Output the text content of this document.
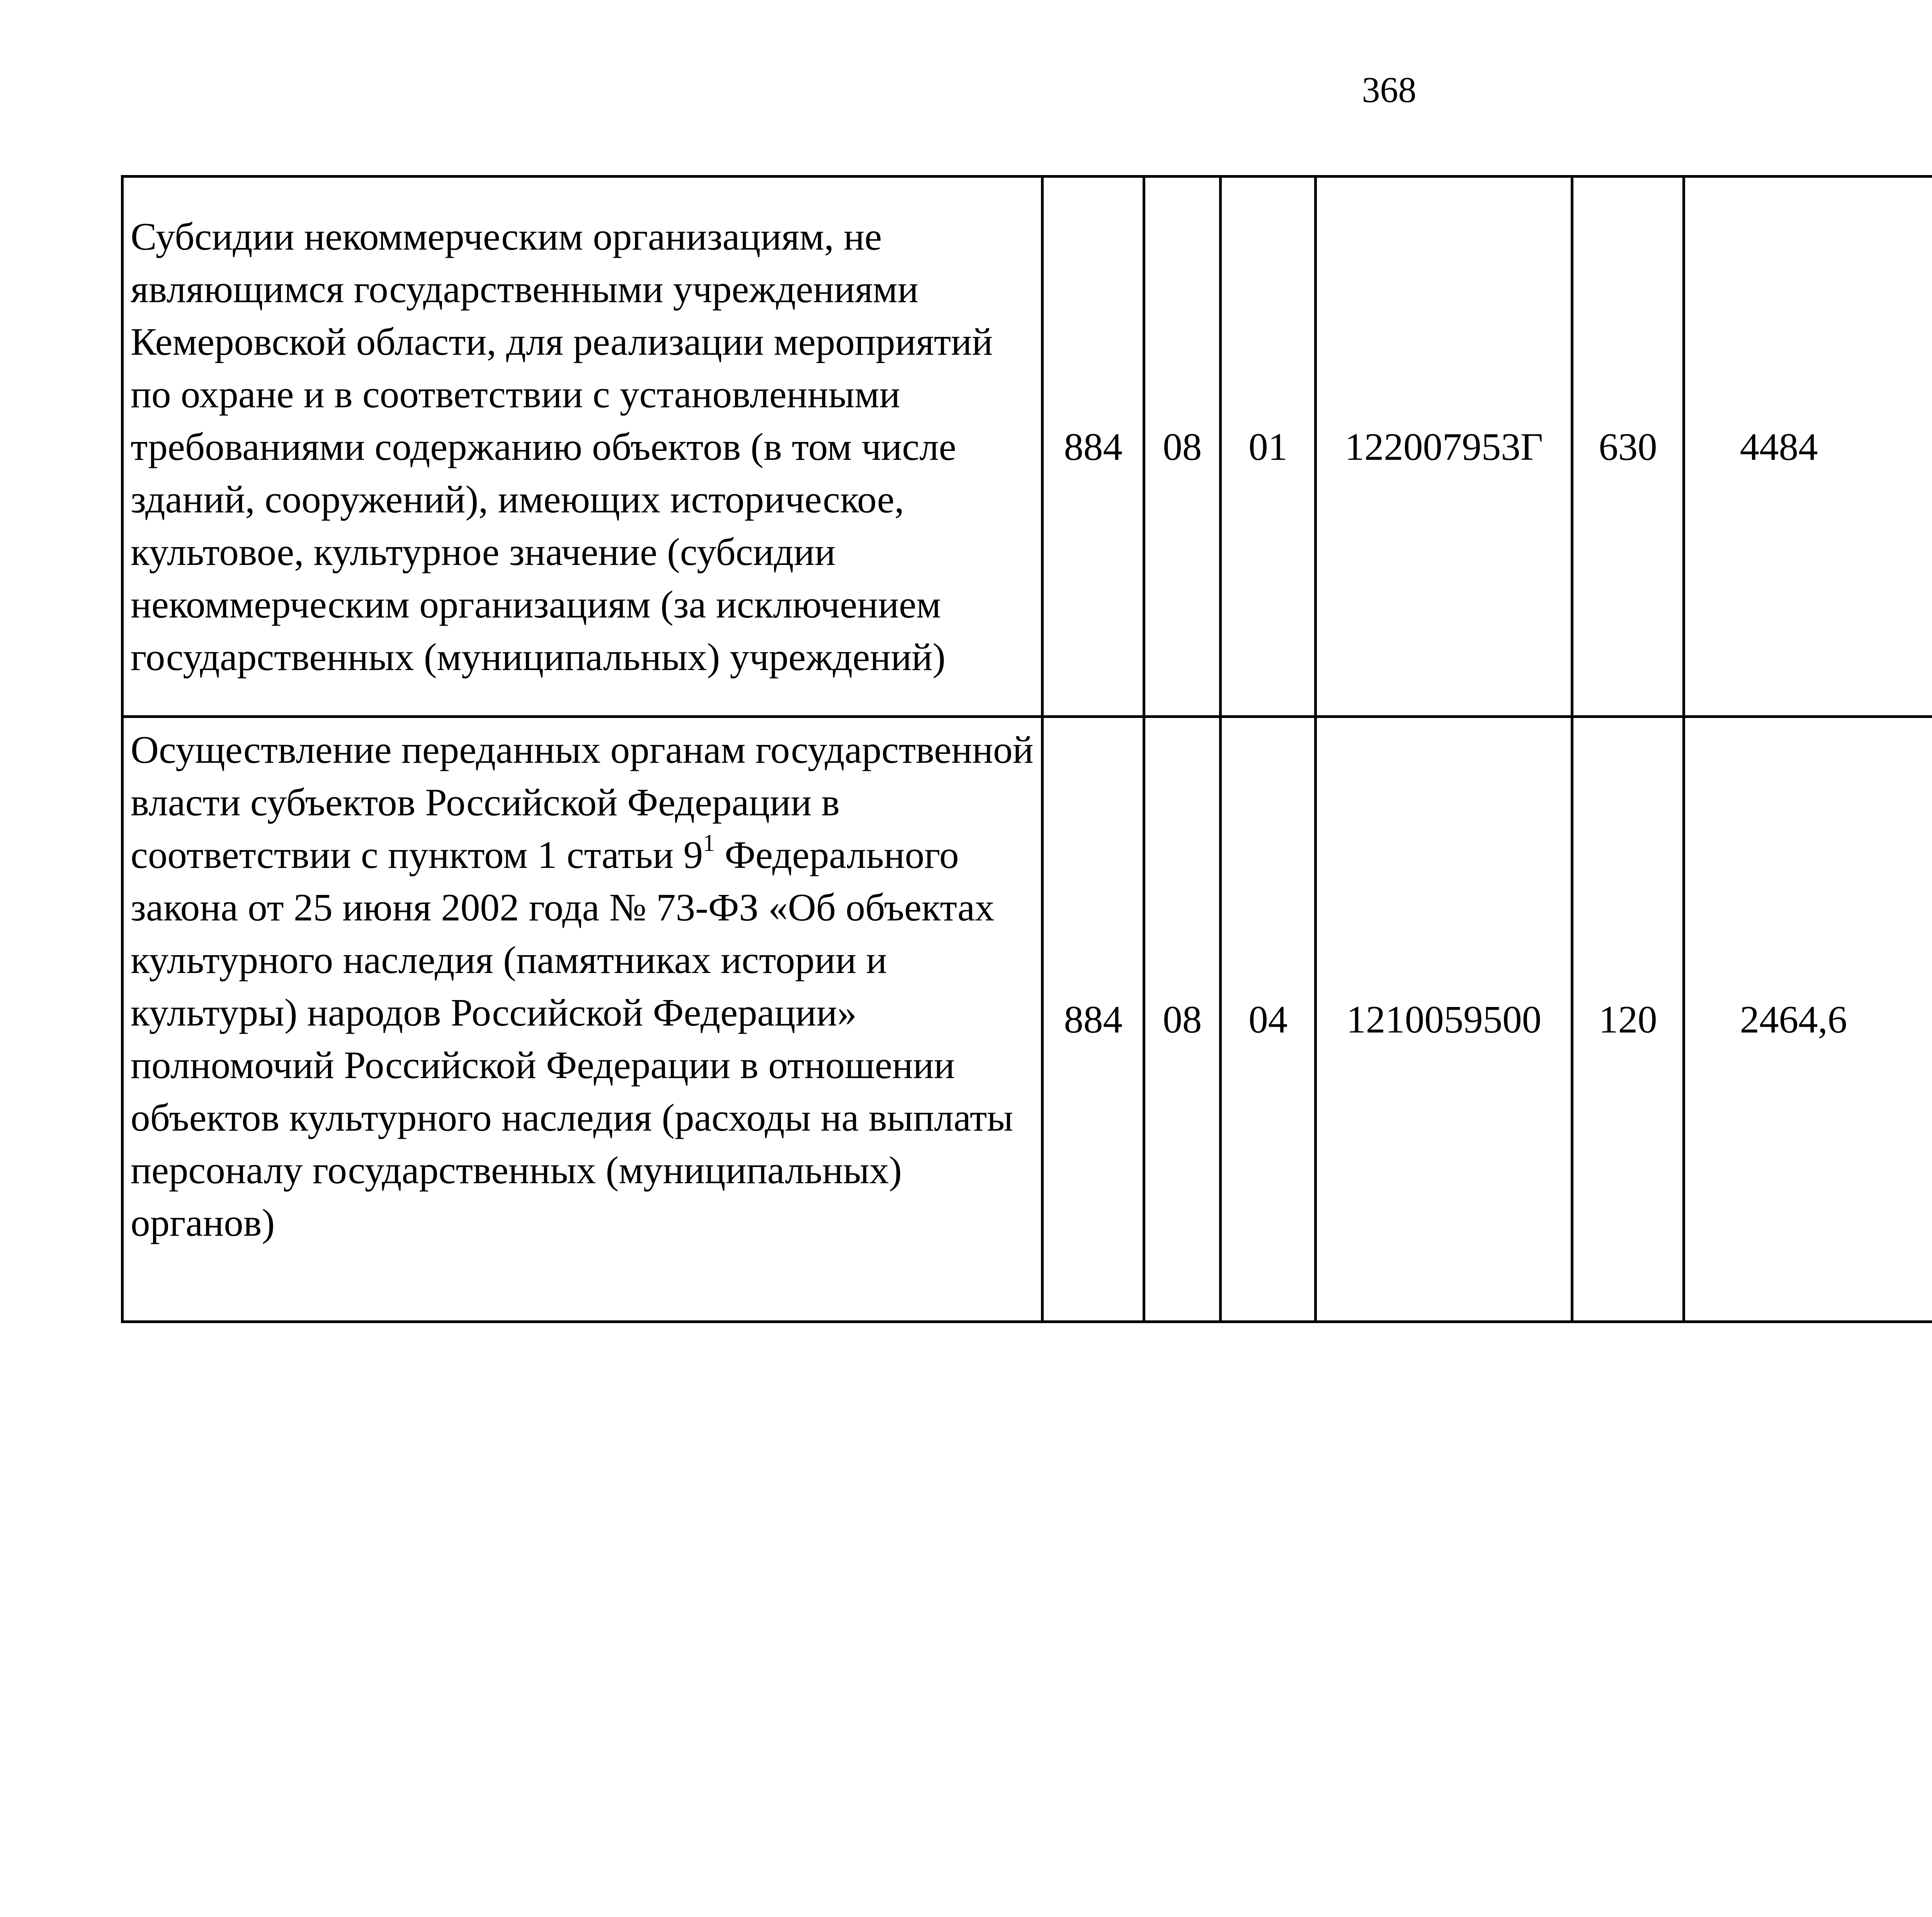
368
Субсидии некоммерческим организациям, не являющимся государственными учреждениями Кемеровской области, для реализации мероприятий по охране и в соответствии с установленными требованиями содержанию объектов (в том числе зданий, сооружений), имеющих историческое, культовое, культурное значение (субсидии некоммерческим организациям (за исключением государственных (муниципальных) учреждений)	884	08	01	122007953Г	630	4484		
Осуществление переданных органам государственной власти субъектов Российской Федерации в соответствии с пунктом 1 статьи $9^1$ Федерального закона от 25 июня 2002 года № 73-ФЗ «Об объектах культурного наследия (памятниках истории и культуры) народов Российской Федерации» полномочий Российской Федерации в отношении объектов культурного наследия (расходы на выплаты персоналу государственных (муниципальных) органов)	884	08	04	1210059500	120	2464,6		
